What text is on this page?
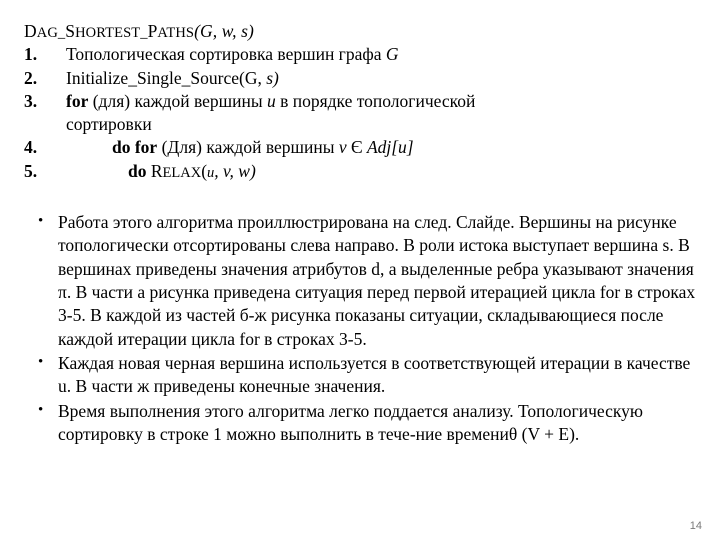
DAG_SHORTEST_PATHS(G, w, s)
1.	Топологическая сортировка вершин графа G
2.	Initialize_Single_Source(G, s)
3.	for (для) каждой вершины u в порядке топологической
сортировки
4.	do for (Для) каждой вершины v Є Adj[u]
5.	do RELAX(u, v, w)
• Работа этого алгоритма проиллюстрирована на след. Слайде. Вершины на рисунке топологически отсортированы слева направо. В роли истока выступает вершина s. В вершинах приведены значения атрибутов d, а выделенные ребра указывают значения π. В части а рисунка приведена ситуация перед первой итерацией цикла for в строках 3-5. В каждой из частей б-ж рисунка показаны ситуации, складывающиеся после каждой итерации цикла for в строках 3-5.
• Каждая новая черная вершина используется в соответствующей итерации в качестве u. В части ж приведены конечные значения.
• Время выполнения этого алгоритма легко поддается анализу. Топологическую сортировку в строке 1 можно выполнить в тече-ние времениθ (V + E).
14
